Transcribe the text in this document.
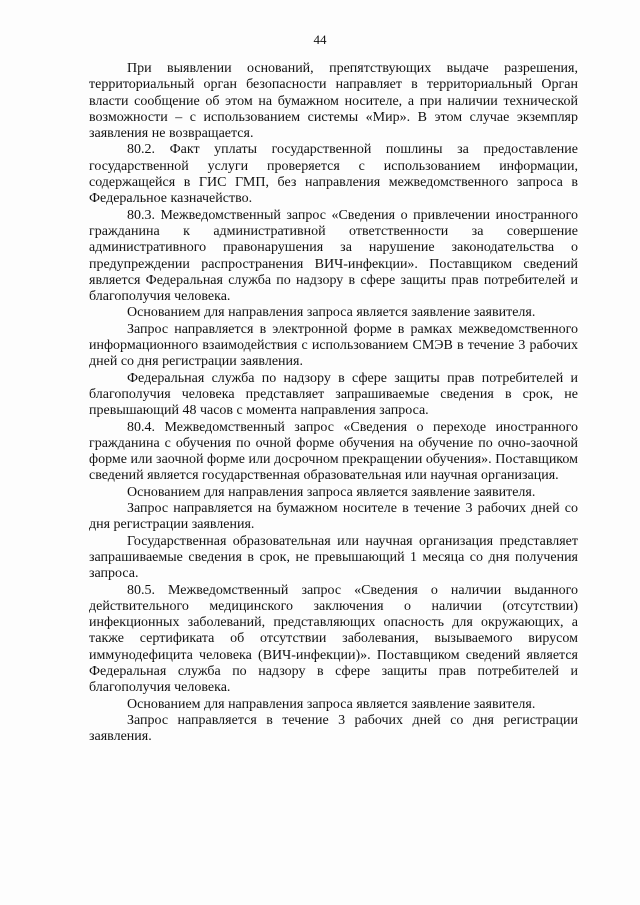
44

При выявлении оснований, препятствующих выдаче разрешения, территориальный орган безопасности направляет в территориальный Орган власти сообщение об этом на бумажном носителе, а при наличии технической возможности – с использованием системы «Мир». В этом случае экземпляр заявления не возвращается.

80.2. Факт уплаты государственной пошлины за предоставление государственной услуги проверяется с использованием информации, содержащейся в ГИС ГМП, без направления межведомственного запроса в Федеральное казначейство.

80.3. Межведомственный запрос «Сведения о привлечении иностранного гражданина к административной ответственности за совершение административного правонарушения за нарушение законодательства о предупреждении распространения ВИЧ-инфекции». Поставщиком сведений является Федеральная служба по надзору в сфере защиты прав потребителей и благополучия человека.

Основанием для направления запроса является заявление заявителя.

Запрос направляется в электронной форме в рамках межведомственного информационного взаимодействия с использованием СМЭВ в течение 3 рабочих дней со дня регистрации заявления.

Федеральная служба по надзору в сфере защиты прав потребителей и благополучия человека представляет запрашиваемые сведения в срок, не превышающий 48 часов с момента направления запроса.

80.4. Межведомственный запрос «Сведения о переходе иностранного гражданина с обучения по очной форме обучения на обучение по очно-заочной форме или заочной форме или досрочном прекращении обучения». Поставщиком сведений является государственная образовательная или научная организация.

Основанием для направления запроса является заявление заявителя.

Запрос направляется на бумажном носителе в течение 3 рабочих дней со дня регистрации заявления.

Государственная образовательная или научная организация представляет запрашиваемые сведения в срок, не превышающий 1 месяца со дня получения запроса.

80.5. Межведомственный запрос «Сведения о наличии выданного действительного медицинского заключения о наличии (отсутствии) инфекционных заболеваний, представляющих опасность для окружающих, а также сертификата об отсутствии заболевания, вызываемого вирусом иммунодефицита человека (ВИЧ-инфекции)». Поставщиком сведений является Федеральная служба по надзору в сфере защиты прав потребителей и благополучия человека.

Основанием для направления запроса является заявление заявителя.

Запрос направляется в течение 3 рабочих дней со дня регистрации заявления.
